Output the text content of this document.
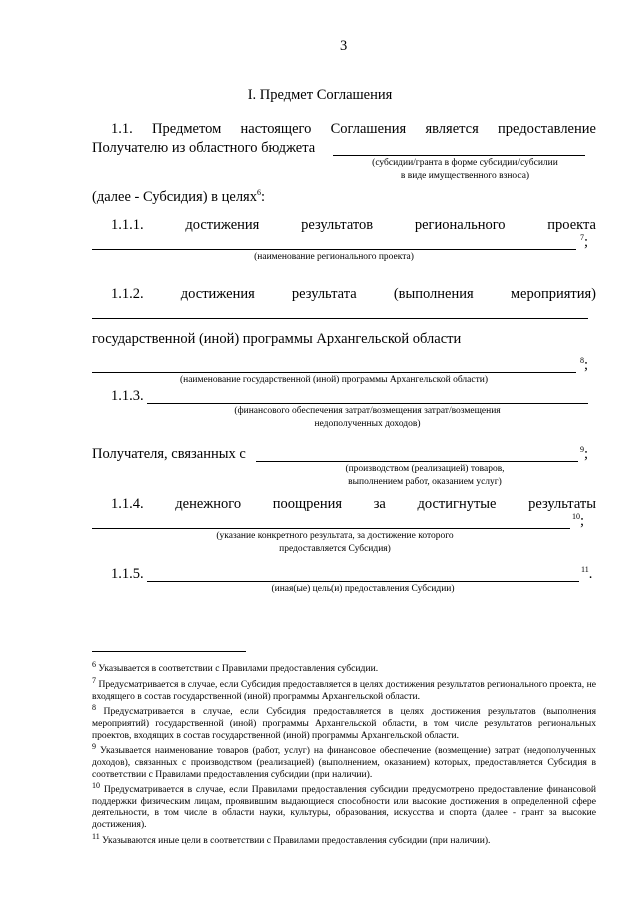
3
I. Предмет Соглашения
1.1. Предметом настоящего Соглашения является предоставление
Получателю из областного бюджета
(субсидии/гранта в форме субсидии/субсилии
в виде имущественного взноса)
(далее - Субсидия) в целях$^6$:
1.1.1.	достижения	результатов	регионального	проекта
$^7$;
(наименование регионального проекта)
1.1.2.	достижения	результата	(выполнения	мероприятия)
государственной (иной) программы Архангельской области
$^8$;
(наименование государственной (иной) программы Архангельской области)
1.1.3.
(финансового обеспечения затрат/возмещения затрат/возмещения
недополученных доходов)
Получателя, связанных с	$^9$;
(производством (реализацией) товаров,
выполнением работ, оказанием услуг)
1.1.4. денежного поощрения за достигнутые результаты
$^{10}$;
(указание конкретного результата, за достижение которого
предоставляется Субсидия)
1.1.5.	$^{11}$.
(иная(ые) цель(и) предоставления Субсидии)

$^6$ Указывается в соответствии с Правилами предоставления субсидии.

$^7$ Предусматривается в случае, если Субсидия предоставляется в целях достижения результатов регионального проекта, не входящего в состав государственной (иной) программы Архангельской области.

$^8$ Предусматривается в случае, если Субсидия предоставляется в целях достижения результатов (выполнения мероприятий) государственной (иной) программы Архангельской области, в том числе результатов региональных проектов, входящих в состав государственной (иной) программы Архангельской области.

$^9$ Указывается наименование товаров (работ, услуг) на финансовое обеспечение (возмещение) затрат (недополученных доходов), связанных с производством (реализацией) (выполнением, оказанием) которых, предоставляется Субсидия в соответствии с Правилами предоставления субсидии (при наличии).

$^{10}$ Предусматривается в случае, если Правилами предоставления субсидии предусмотрено предоставление финансовой поддержки физическим лицам, проявившим выдающиеся способности или высокие достижения в определенной сфере деятельности, в том числе в области науки, культуры, образования, искусства и спорта (далее - грант за высокие достижения).

$^{11}$ Указываются иные цели в соответствии с Правилами предоставления субсидии (при наличии).
